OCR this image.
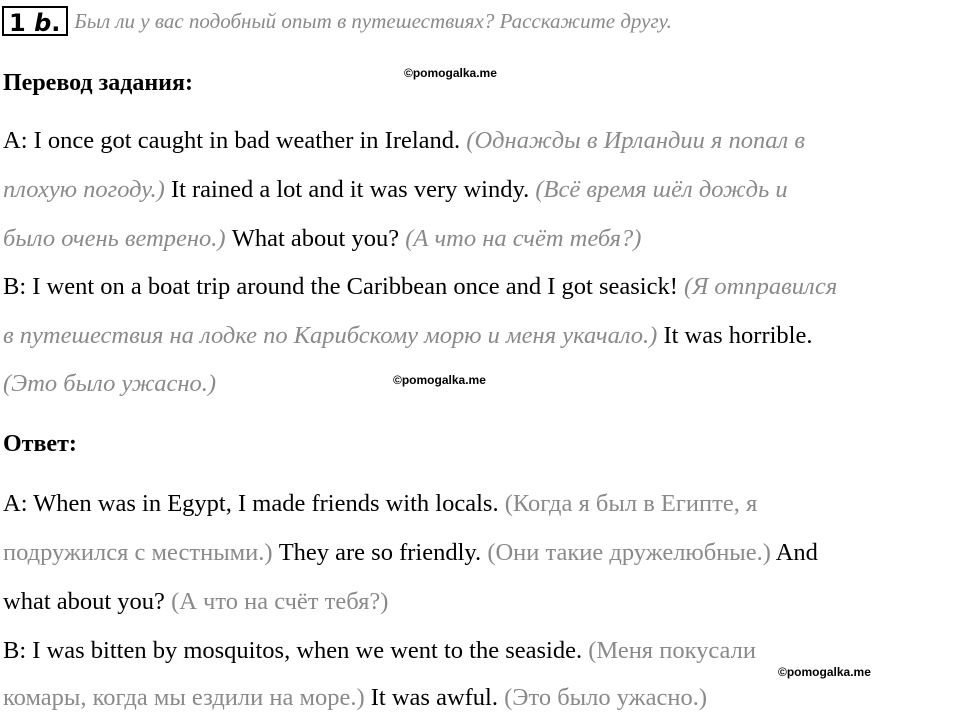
1 b. Был ли у вас подобный опыт в путешествиях? Расскажите другу.
©pomogalka.me
Перевод задания:
A: I once got caught in bad weather in Ireland. (Однажды в Ирландии я попал в
плохую погоду.) It rained a lot and it was very windy. (Всё время шёл дождь и
было очень ветрено.) What about you? (А что на счёт тебя?)
B: I went on a boat trip around the Caribbean once and I got seasick! (Я отправился
в путешествия на лодке по Карибскому морю и меня укачало.) It was horrible.
(Это было ужасно.)	©pomogalka.me
Ответ:
A: When was in Egypt, I made friends with locals. (Когда я был в Египте, я
подружился с местными.) They are so friendly. (Они такие дружелюбные.) And
what about you? (А что на счёт тебя?)
B: I was bitten by mosquitos, when we went to the seaside. (Меня покусали
комары, когда мы ездили на море.) It was awful. (Это было ужасно.)
©pomogalka.me
